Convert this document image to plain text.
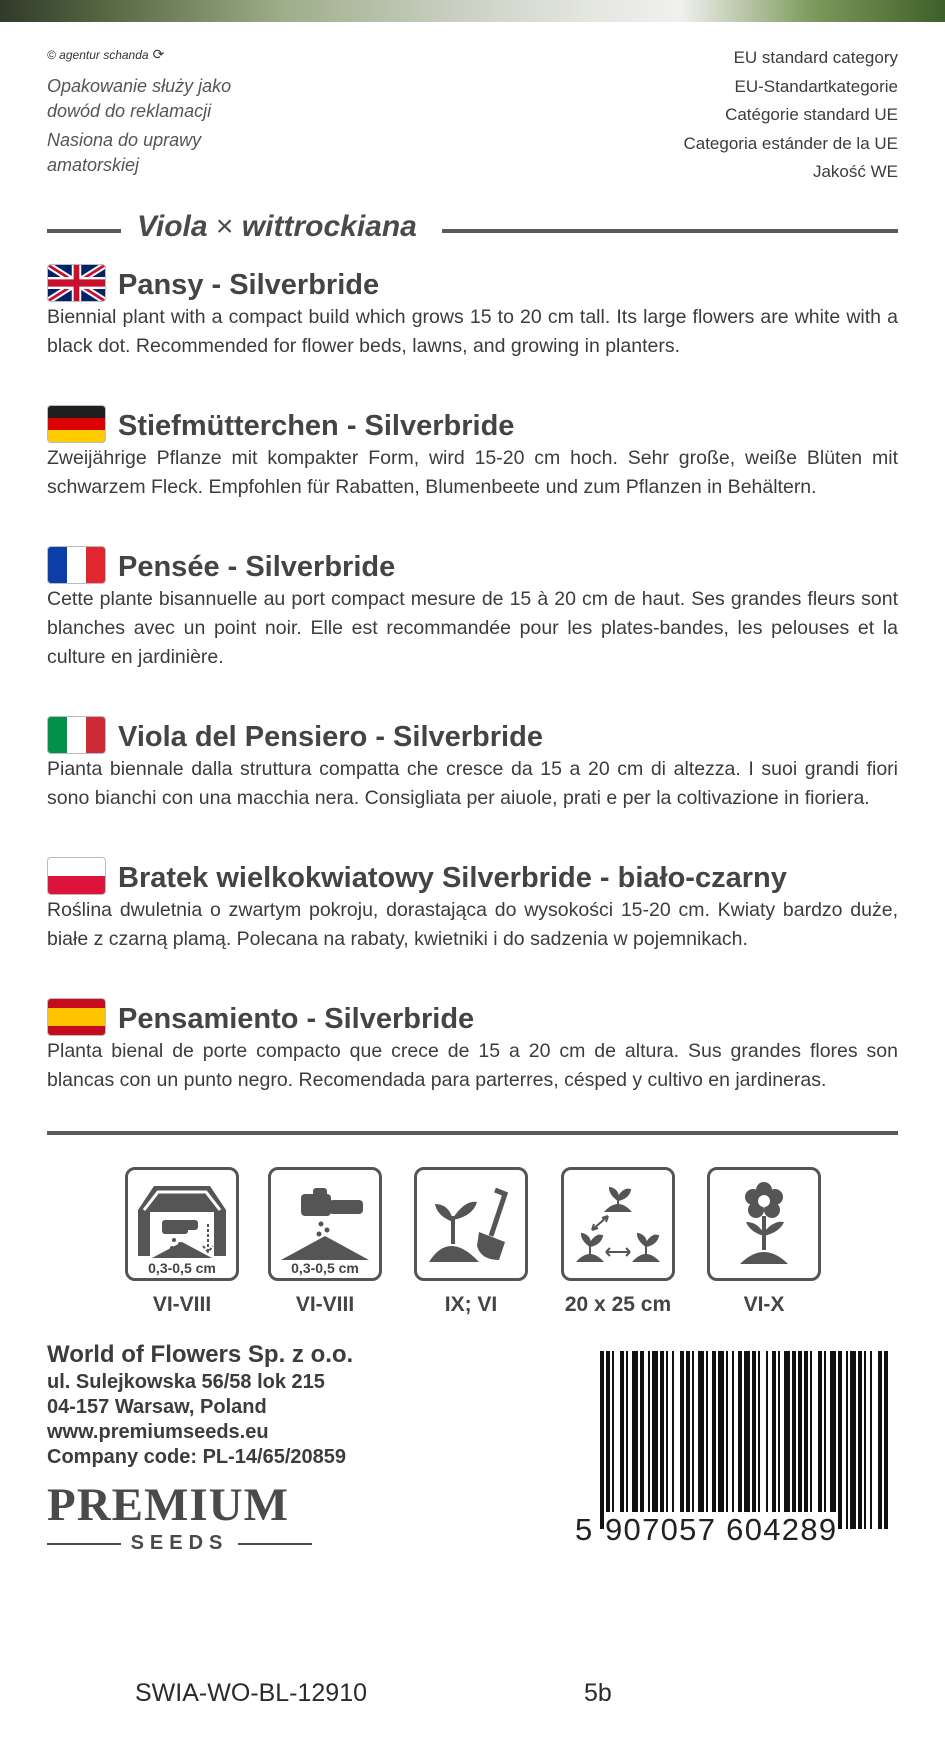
© agentur schanda ⟳

Opakowanie służy jako dowód do reklamacji

Nasiona do uprawy amatorskiej

EU standard category
EU-Standartkategorie
Catégorie standard UE
Categoria estánder de la UE
Jakość WE
Viola × wittrockiana
Pansy - Silverbride
Biennial plant with a compact build which grows 15 to 20 cm tall. Its large flowers are white with a black dot. Recommended for flower beds, lawns, and growing in planters.
Stiefmütterchen - Silverbride
Zweijährige Pflanze mit kompakter Form, wird 15-20 cm hoch. Sehr große, weiße Blüten mit schwarzem Fleck. Empfohlen für Rabatten, Blumenbeete und zum Pflanzen in Behältern.
Pensée - Silverbride
Cette plante bisannuelle au port compact mesure de 15 à 20 cm de haut. Ses grandes fleurs sont blanches avec un point noir. Elle est recommandée pour les plates-bandes, les pelouses et la culture en jardinière.
Viola del Pensiero - Silverbride
Pianta biennale dalla struttura compatta che cresce da 15 a 20 cm di altezza. I suoi grandi fiori sono bianchi con una macchia nera. Consigliata per aiuole, prati e per la coltivazione in fioriera.
Bratek wielkokwiatowy Silverbride - biało-czarny
Roślina dwuletnia o zwartym pokroju, dorastająca do wysokości 15-20 cm. Kwiaty bardzo duże, białe z czarną plamą. Polecana na rabaty, kwietniki i do sadzenia w pojemnikach.
Pensamiento - Silverbride
Planta bienal de porte compacto que crece de 15 a 20 cm de altura. Sus grandes flores son blancas con un punto negro. Recomendada para parterres, césped y cultivo en jardineras.
0,3-0,5 cm
VI-VIII
0,3-0,5 cm
VI-VIII	IX; VI	20 x 25 cm	VI-X
World of Flowers Sp. z o.o.
ul. Sulejkowska 56/58 lok 215
04-157 Warsaw, Poland
www.premiumseeds.eu
Company code: PL-14/65/20859
PREMIUM
SEEDS	5 907057 604289
SWIA-WO-BL-12910	5b
